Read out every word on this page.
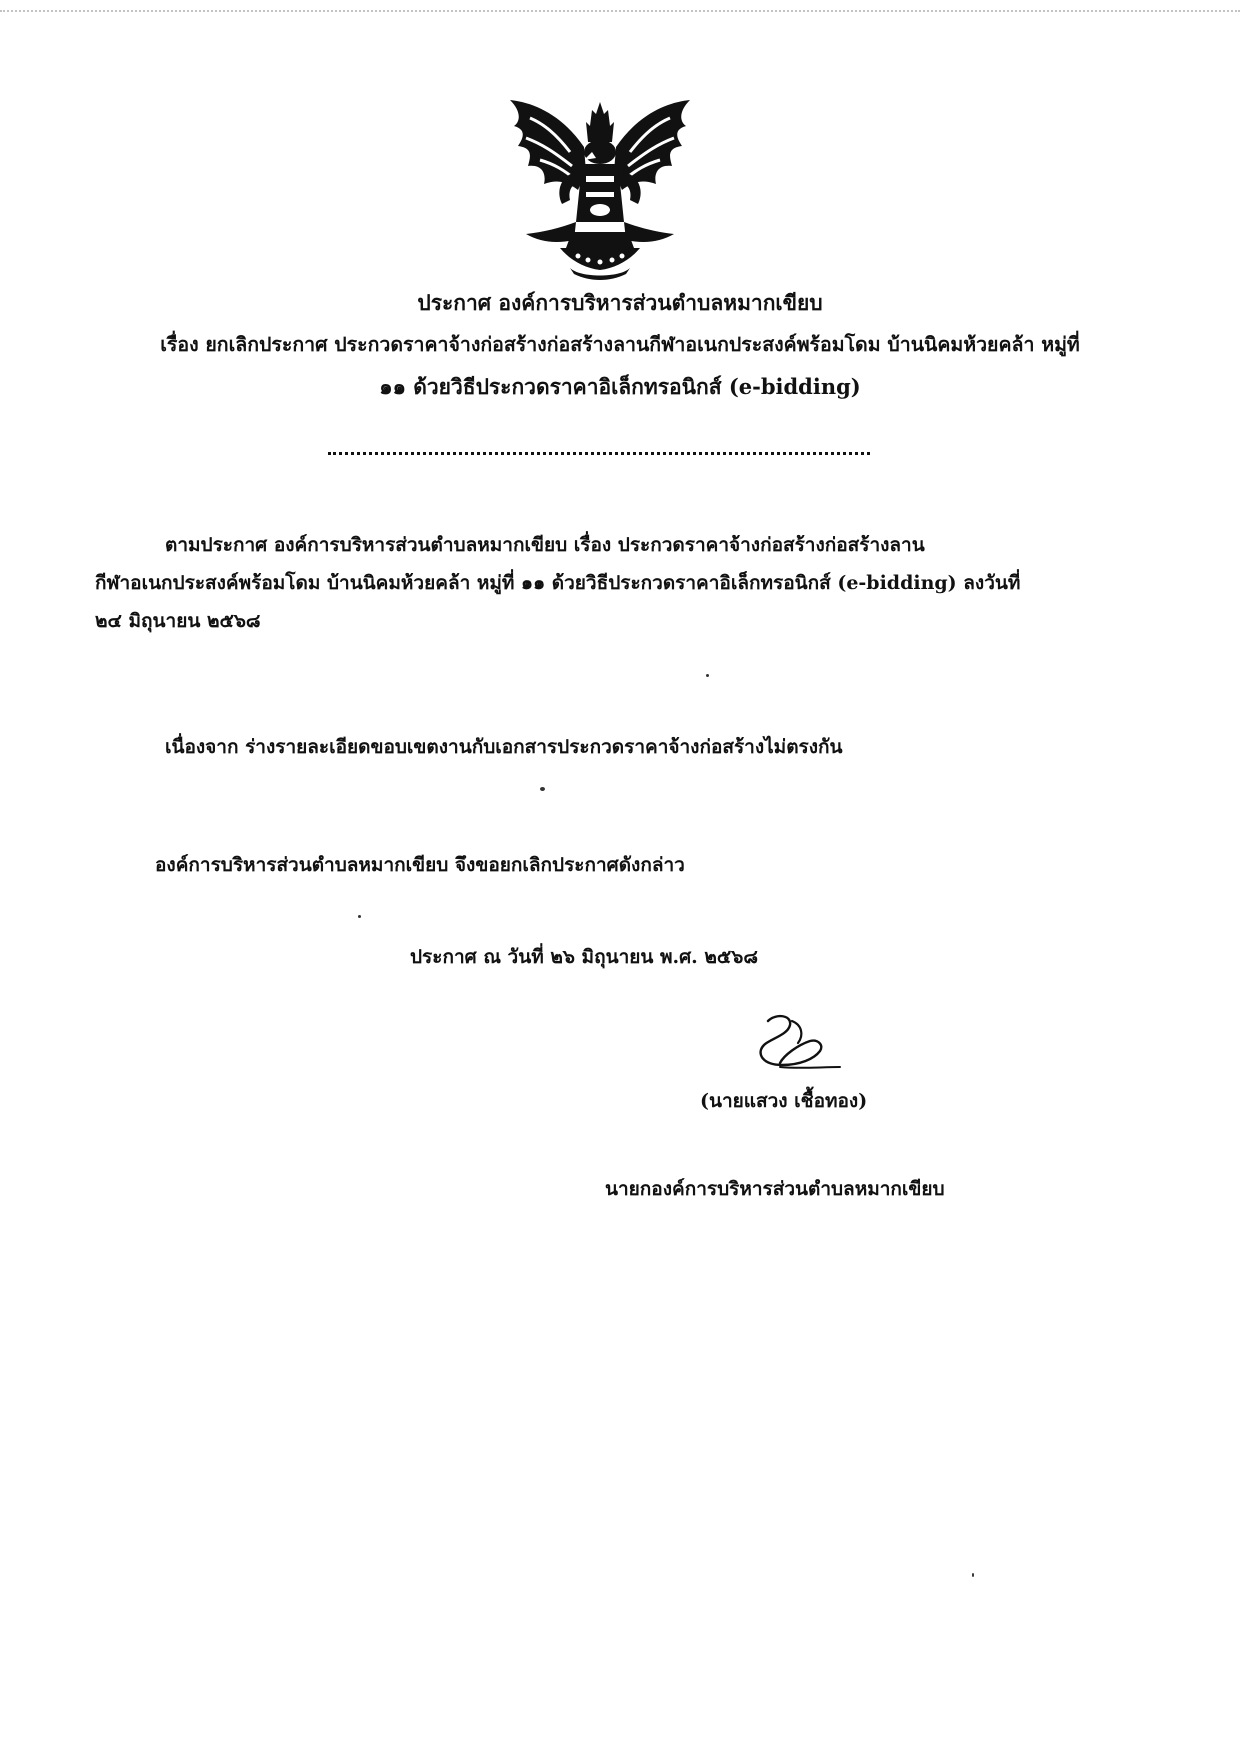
ประกาศ องค์การบริหารส่วนตำบลหมากเขียบ
เรื่อง ยกเลิกประกาศ ประกวดราคาจ้างก่อสร้างก่อสร้างลานกีฬาอเนกประสงค์พร้อมโดม บ้านนิคมห้วยคล้า หมู่ที่
๑๑ ด้วยวิธีประกวดราคาอิเล็กทรอนิกส์ (e-bidding)
ตามประกาศ องค์การบริหารส่วนตำบลหมากเขียบ เรื่อง ประกวดราคาจ้างก่อสร้างก่อสร้างลาน
กีฬาอเนกประสงค์พร้อมโดม บ้านนิคมห้วยคล้า หมู่ที่ ๑๑ ด้วยวิธีประกวดราคาอิเล็กทรอนิกส์ (e-bidding) ลงวันที่
๒๔ มิถุนายน ๒๕๖๘
เนื่องจาก ร่างรายละเอียดขอบเขตงานกับเอกสารประกวดราคาจ้างก่อสร้างไม่ตรงกัน
องค์การบริหารส่วนตำบลหมากเขียบ จึงขอยกเลิกประกาศดังกล่าว
ประกาศ ณ วันที่ ๒๖ มิถุนายน พ.ศ. ๒๕๖๘
(นายแสวง เชื้อทอง)
นายกองค์การบริหารส่วนตำบลหมากเขียบ
